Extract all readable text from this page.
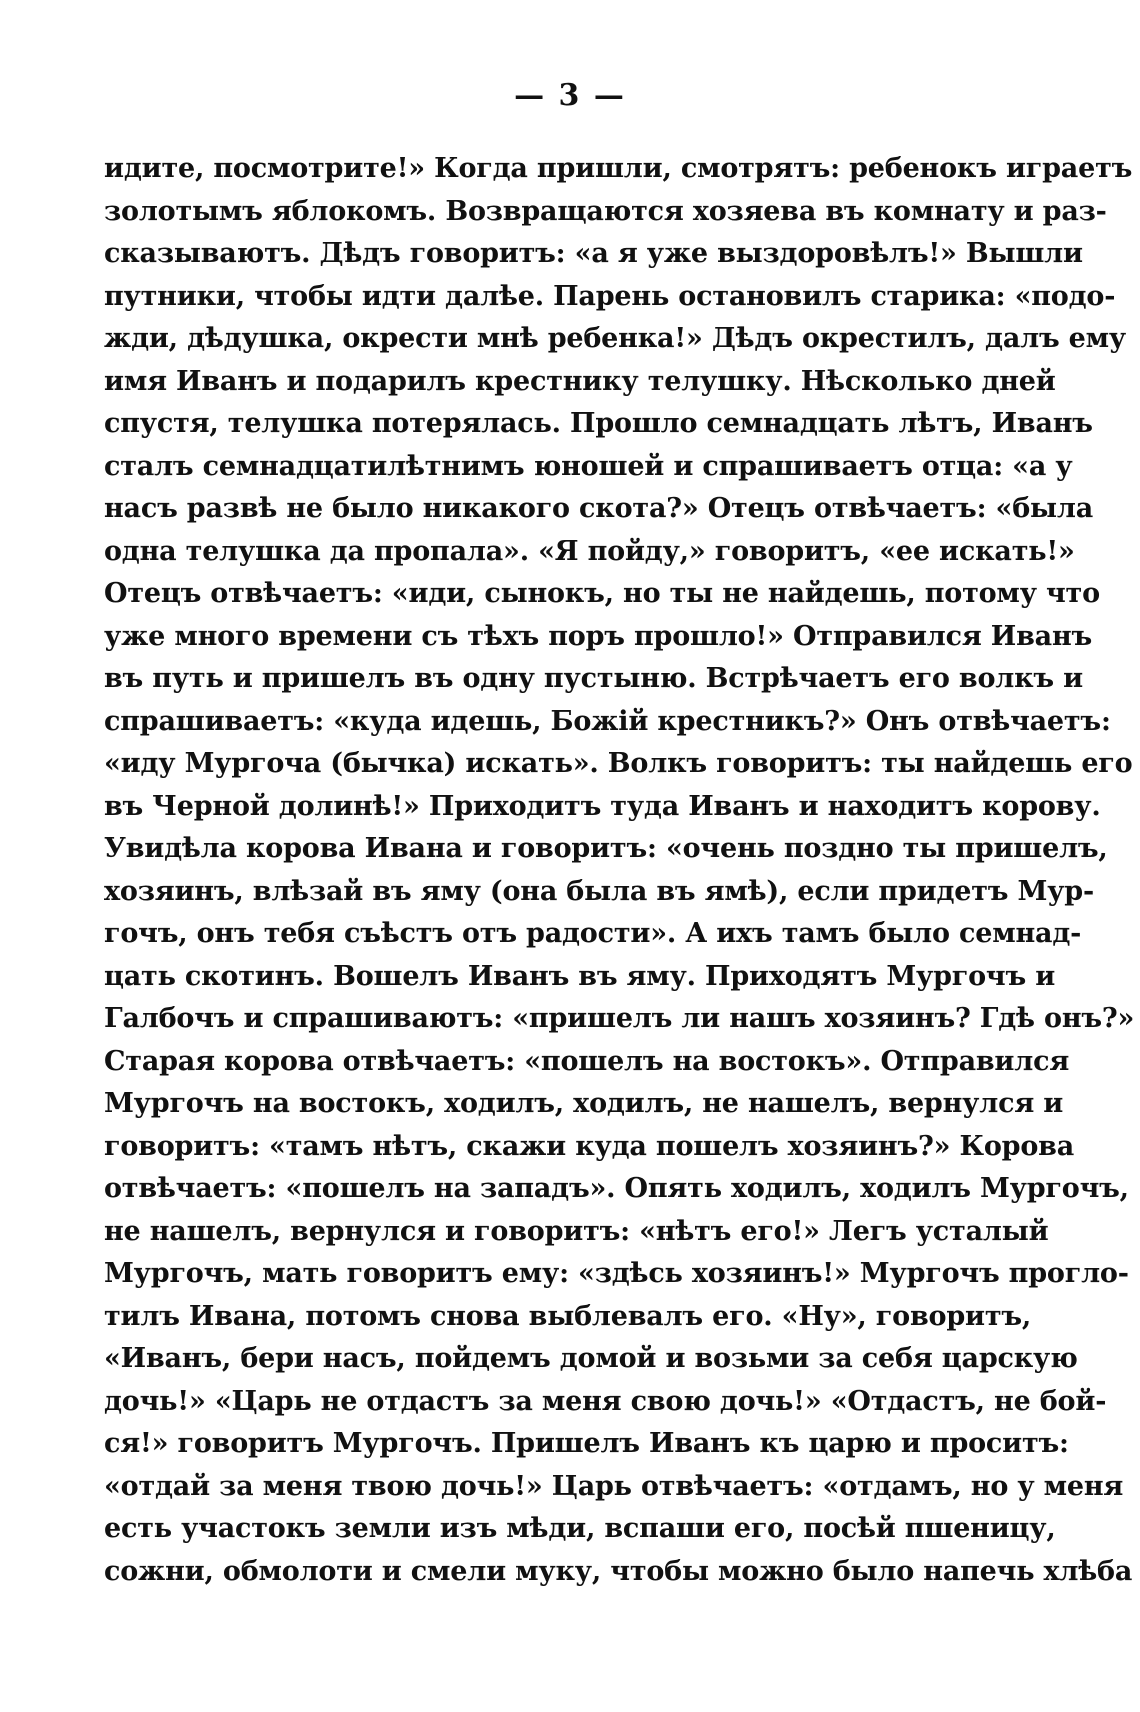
— 3 —
идите, посмотрите!» Когда пришли, смотрятъ: ребенокъ играетъ
золотымъ яблокомъ. Возвращаются хозяева въ комнату и раз-
сказываютъ. Дѣдъ говоритъ: «а я уже выздоровѣлъ!» Вышли
путники, чтобы идти далѣе. Парень остановилъ старика: «подо-
жди, дѣдушка, окрести мнѣ ребенка!» Дѣдъ окрестилъ, далъ ему
имя Иванъ и подарилъ крестнику телушку. Нѣсколько дней
спустя, телушка потерялась. Прошло семнадцать лѣтъ, Иванъ
сталъ семнадцатилѣтнимъ юношей и спрашиваетъ отца: «а у
насъ развѣ не было никакого скота?» Отецъ отвѣчаетъ: «была
одна телушка да пропала». «Я пойду,» говоритъ, «ее искать!»
Отецъ отвѣчаетъ: «иди, сынокъ, но ты не найдешь, потому что
уже много времени съ тѣхъ поръ прошло!» Отправился Иванъ
въ путь и пришелъ въ одну пустыню. Встрѣчаетъ его волкъ и
спрашиваетъ: «куда идешь, Божій крестникъ?» Онъ отвѣчаетъ:
«иду Мургоча (бычка) искать». Волкъ говоритъ: ты найдешь его
въ Черной долинѣ!» Приходитъ туда Иванъ и находитъ корову.
Увидѣла корова Ивана и говоритъ: «очень поздно ты пришелъ,
хозяинъ, влѣзай въ яму (она была въ ямѣ), если придетъ Мур-
гочъ, онъ тебя съѣстъ отъ радости». А ихъ тамъ было семнад-
цать скотинъ. Вошелъ Иванъ въ яму. Приходятъ Мургочъ и
Галбочъ и спрашиваютъ: «пришелъ ли нашъ хозяинъ? Гдѣ онъ?»
Старая корова отвѣчаетъ: «пошелъ на востокъ». Отправился
Мургочъ на востокъ, ходилъ, ходилъ, не нашелъ, вернулся и
говоритъ: «тамъ нѣтъ, скажи куда пошелъ хозяинъ?» Корова
отвѣчаетъ: «пошелъ на западъ». Опять ходилъ, ходилъ Мургочъ,
не нашелъ, вернулся и говоритъ: «нѣтъ его!» Легъ усталый
Мургочъ, мать говоритъ ему: «здѣсь хозяинъ!» Мургочъ прогло-
тилъ Ивана, потомъ снова выблевалъ его. «Ну», говоритъ,
«Иванъ, бери насъ, пойдемъ домой и возьми за себя царскую
дочь!» «Царь не отдастъ за меня свою дочь!» «Отдастъ, не бой-
ся!» говоритъ Мургочъ. Пришелъ Иванъ къ царю и проситъ:
«отдай за меня твою дочь!» Царь отвѣчаетъ: «отдамъ, но у меня
есть участокъ земли изъ мѣди, вспаши его, посѣй пшеницу,
сожни, обмолоти и смели муку, чтобы можно было напечь хлѣба
